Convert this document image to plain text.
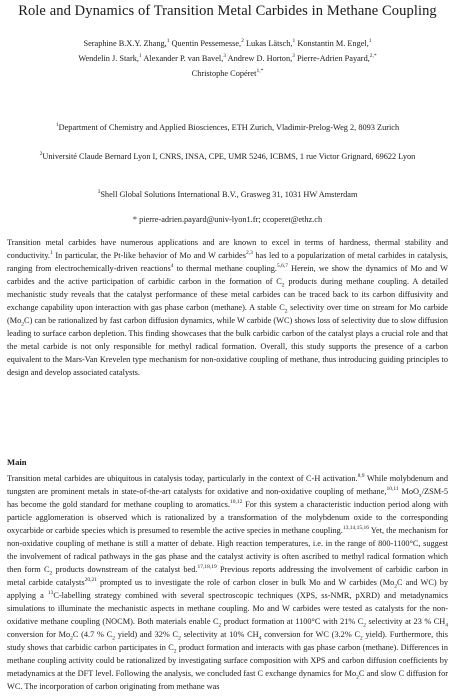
Role and Dynamics of Transition Metal Carbides in Methane Coupling
Seraphine B.X.Y. Zhang,$^1$ Quentin Pessemesse,$^2$ Lukas Lätsch,$^1$ Konstantin M. Engel,$^1$
Wendelin J. Stark,$^1$ Alexander P. van Bavel,$^3$ Andrew D. Horton,$^3$ Pierre-Adrien Payard,$^{2,*}$
Christophe Copéret$^{1,*}$
$^1$Department of Chemistry and Applied Biosciences, ETH Zurich, Vladimir-Prelog-Weg 2, 8093 Zurich
$^2$Université Claude Bernard Lyon I, CNRS, INSA, CPE, UMR 5246, ICBMS, 1 rue Victor Grignard, 69622 Lyon
$^3$Shell Global Solutions International B.V., Grasweg 31, 1031 HW Amsterdam
* pierre-adrien.payard@univ-lyon1.fr; ccoperet@ethz.ch
Transition metal carbides have numerous applications and are known to excel in terms of hardness, thermal stability and conductivity.$^1$ In particular, the Pt-like behavior of Mo and W carbides$^{2,3}$ has led to a popularization of metal carbides in catalysis, ranging from electrochemically-driven reactions$^4$ to thermal methane coupling.$^{5,6,7}$ Herein, we show the dynamics of Mo and W carbides and the active participation of carbidic carbon in the formation of $C_2$ products during methane coupling. A detailed mechanistic study reveals that the catalyst performance of these metal carbides can be traced back to its carbon diffusivity and exchange capability upon interaction with gas phase carbon (methane). A stable $C_2$ selectivity over time on stream for Mo carbide $(Mo_2C)$ can be rationalized by fast carbon diffusion dynamics, while W carbide (WC) shows loss of selectivity due to slow diffusion leading to surface carbon depletion. This finding showcases that the bulk carbidic carbon of the catalyst plays a crucial role and that the metal carbide is not only responsible for methyl radical formation. Overall, this study supports the presence of a carbon equivalent to the Mars-Van Krevelen type mechanism for non-oxidative coupling of methane, thus introducing guiding principles to design and develop associated catalysts.
Main
Transition metal carbides are ubiquitous in catalysis today, particularly in the context of C-H activation.$^{8,9}$ While molybdenum and tungsten are prominent metals in state-of-the-art catalysts for oxidative and non-oxidative coupling of methane,$^{10,11}$ MoO$_x$/ZSM-5 has become the gold standard for methane coupling to aromatics.$^{10,12}$ For this system a characteristic induction period along with particle agglomeration is observed which is rationalized by a transformation of the molybdenum oxide to the corresponding oxycarbide or carbide species which is presumed to resemble the active species in methane coupling.$^{13,14,15,16}$ Yet, the mechanism for non-oxidative coupling of methane is still a matter of debate. High reaction temperatures, i.e. in the range of 800-1100°C, suggest the involvement of radical pathways in the gas phase and the catalyst activity is often ascribed to methyl radical formation which then form $C_2$ products downstream of the catalyst bed.$^{17,18,19}$ Previous reports addressing the involvement of carbidic carbon in metal carbide catalysts$^{20,21}$ prompted us to investigate the role of carbon closer in bulk Mo and W carbides ($Mo_2C$ and WC) by applying a $^{13}$C-labelling strategy combined with several spectroscopic techniques (XPS, ss-NMR, pXRD) and metadynamics simulations to illuminate the mechanistic aspects in methane coupling. Mo and W carbides were tested as catalysts for the non-oxidative methane coupling (NOCM). Both materials enable $C_2$ product formation at 1100°C with 21% $C_2$ selectivity at 23 % $CH_4$ conversion for $Mo_2C$ (4.7 % $C_2$ yield) and 32% $C_2$ selectivity at 10% $CH_4$ conversion for WC (3.2% $C_2$ yield). Furthermore, this study shows that carbidic carbon participates in $C_2$ product formation and interacts with gas phase carbon (methane). Differences in methane coupling activity could be rationalized by investigating surface composition with XPS and carbon diffusion coefficients by metadynamics at the DFT level. Following the analysis, we concluded fast C exchange dynamics for $Mo_2C$ and slow C diffusion for WC. The incorporation of carbon originating from methane was
